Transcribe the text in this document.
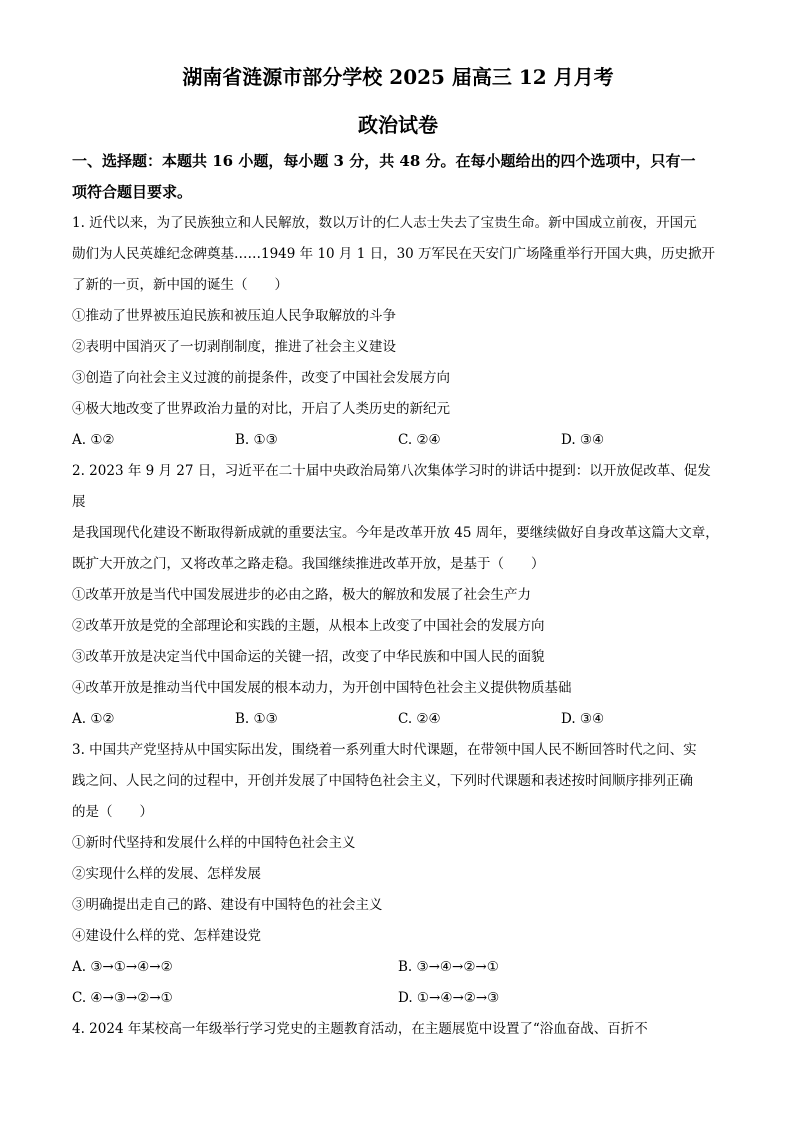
湖南省涟源市部分学校 2025 届高三 12 月月考

政治试卷

一、选择题：本题共 16 小题，每小题 3 分，共 48 分。在每小题给出的四个选项中，只有一

项符合题目要求。

1. 近代以来，为了民族独立和人民解放，数以万计的仁人志士失去了宝贵生命。新中国成立前夜，开国元

勋们为人民英雄纪念碑奠基……1949 年 10 月 1 日，30 万军民在天安门广场隆重举行开国大典，历史掀开

了新的一页，新中国的诞生（　　）

①推动了世界被压迫民族和被压迫人民争取解放的斗争

②表明中国消灭了一切剥削制度，推进了社会主义建设

③创造了向社会主义过渡的前提条件，改变了中国社会发展方向

④极大地改变了世界政治力量的对比，开启了人类历史的新纪元

A. ①②	B. ①③	C. ②④	D. ③④

2. 2023 年 9 月 27 日，习近平在二十届中央政治局第八次集体学习时的讲话中提到：以开放促改革、促发展

是我国现代化建设不断取得新成就的重要法宝。今年是改革开放 45 周年，要继续做好自身改革这篇大文章，

既扩大开放之门，又将改革之路走稳。我国继续推进改革开放，是基于（　　）

①改革开放是当代中国发展进步的必由之路，极大的解放和发展了社会生产力

②改革开放是党的全部理论和实践的主题，从根本上改变了中国社会的发展方向

③改革开放是决定当代中国命运的关键一招，改变了中华民族和中国人民的面貌

④改革开放是推动当代中国发展的根本动力，为开创中国特色社会主义提供物质基础

A. ①②	B. ①③	C. ②④	D. ③④

3. 中国共产党坚持从中国实际出发，围绕着一系列重大时代课题，在带领中国人民不断回答时代之问、实

践之问、人民之问的过程中，开创并发展了中国特色社会主义，下列时代课题和表述按时间顺序排列正确

的是（　　）

①新时代坚持和发展什么样的中国特色社会主义

②实现什么样的发展、怎样发展

③明确提出走自己的路、建设有中国特色的社会主义

④建设什么样的党、怎样建设党

A. ③→①→④→②	B. ③→④→②→①
C. ④→③→②→①	D. ①→④→②→③

4. 2024 年某校高一年级举行学习党史的主题教育活动，在主题展览中设置了“浴血奋战、百折不
